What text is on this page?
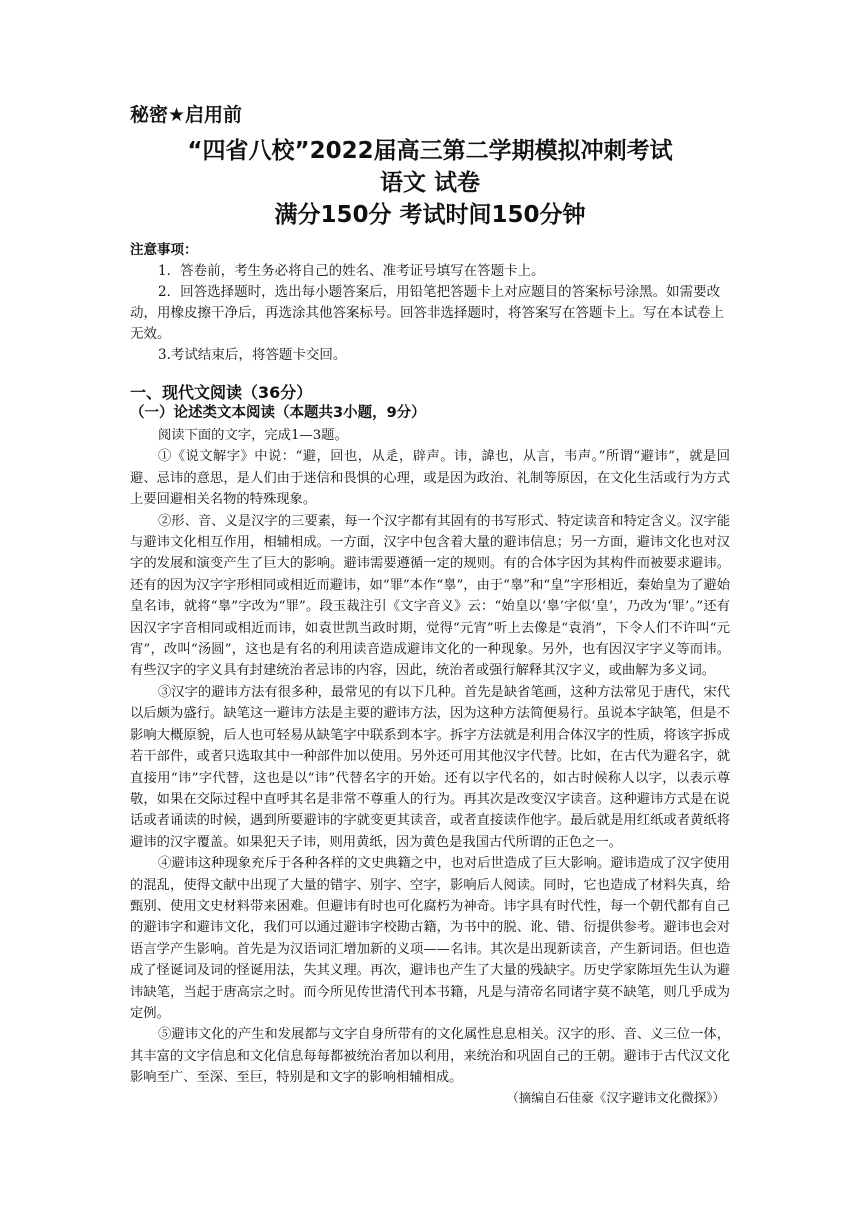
秘密★启用前
“四省八校”2022届高三第二学期模拟冲刺考试
语文 试卷
满分150分 考试时间150分钟
注意事项：
1．答卷前，考生务必将自己的姓名、准考证号填写在答题卡上。
2．回答选择题时，选出每小题答案后，用铅笔把答题卡上对应题目的答案标号涂黑。如需要改动，用橡皮擦干净后，再选涂其他答案标号。回答非选择题时，将答案写在答题卡上。写在本试卷上无效。
3.考试结束后，将答题卡交回。
一、现代文阅读（36分）
（一）论述类文本阅读（本题共3小题，9分）

阅读下面的文字，完成1—3题。

①《说文解字》中说：“避，回也，从辵，辟声。讳，諱也，从言，韦声。”所谓“避讳”，就是回避、忌讳的意思，是人们由于迷信和畏惧的心理，或是因为政治、礼制等原因，在文化生活或行为方式上要回避相关名物的特殊现象。

②形、音、义是汉字的三要素，每一个汉字都有其固有的书写形式、特定读音和特定含义。汉字能与避讳文化相互作用，相辅相成。一方面，汉字中包含着大量的避讳信息；另一方面，避讳文化也对汉字的发展和演变产生了巨大的影响。避讳需要遵循一定的规则。有的合体字因为其构件而被要求避讳。还有的因为汉字字形相同或相近而避讳，如“罪”本作“辠”，由于“辠”和“皇”字形相近，秦始皇为了避始皇名讳，就将“辠”字改为“罪”。段玉裁注引《文字音义》云：“始皇以‘辠’字似‘皇’，乃改为‘罪’。”还有因汉字字音相同或相近而讳，如袁世凯当政时期，觉得“元宵”听上去像是“袁消”，下令人们不许叫“元宵”，改叫“汤圆”，这也是有名的利用读音造成避讳文化的一种现象。另外，也有因汉字字义等而讳。有些汉字的字义具有封建统治者忌讳的内容，因此，统治者或强行解释其汉字义，或曲解为多义词。

③汉字的避讳方法有很多种，最常见的有以下几种。首先是缺省笔画，这种方法常见于唐代，宋代以后颇为盛行。缺笔这一避讳方法是主要的避讳方法，因为这种方法简便易行。虽说本字缺笔，但是不影响大概原貌，后人也可轻易从缺笔字中联系到本字。拆字方法就是利用合体汉字的性质，将该字拆成若干部件，或者只选取其中一种部件加以使用。另外还可用其他汉字代替。比如，在古代为避名字，就直接用“讳”字代替，这也是以“讳”代替名字的开始。还有以字代名的，如古时候称人以字，以表示尊敬，如果在交际过程中直呼其名是非常不尊重人的行为。再其次是改变汉字读音。这种避讳方式是在说话或者诵读的时候，遇到所要避讳的字就变更其读音，或者直接读作他字。最后就是用红纸或者黄纸将避讳的汉字覆盖。如果犯天子讳，则用黄纸，因为黄色是我国古代所谓的正色之一。

④避讳这种现象充斥于各种各样的文史典籍之中，也对后世造成了巨大影响。避讳造成了汉字使用的混乱，使得文献中出现了大量的错字、别字、空字，影响后人阅读。同时，它也造成了材料失真，给甄别、使用文史材料带来困难。但避讳有时也可化腐朽为神奇。讳字具有时代性，每一个朝代都有自己的避讳字和避讳文化，我们可以通过避讳字校勘古籍，为书中的脱、讹、错、衍提供参考。避讳也会对语言学产生影响。首先是为汉语词汇增加新的义项——名讳。其次是出现新读音，产生新词语。但也造成了怪诞词及词的怪诞用法，失其义理。再次，避讳也产生了大量的残缺字。历史学家陈垣先生认为避讳缺笔，当起于唐高宗之时。而今所见传世清代刊本书籍，凡是与清帝名同诸字莫不缺笔，则几乎成为定例。

⑤避讳文化的产生和发展都与文字自身所带有的文化属性息息相关。汉字的形、音、义三位一体，其丰富的文字信息和文化信息每每都被统治者加以利用，来统治和巩固自己的王朝。避讳于古代汉文化影响至广、至深、至巨，特别是和文字的影响相辅相成。

（摘编自石佳豪《汉字避讳文化微探》）
